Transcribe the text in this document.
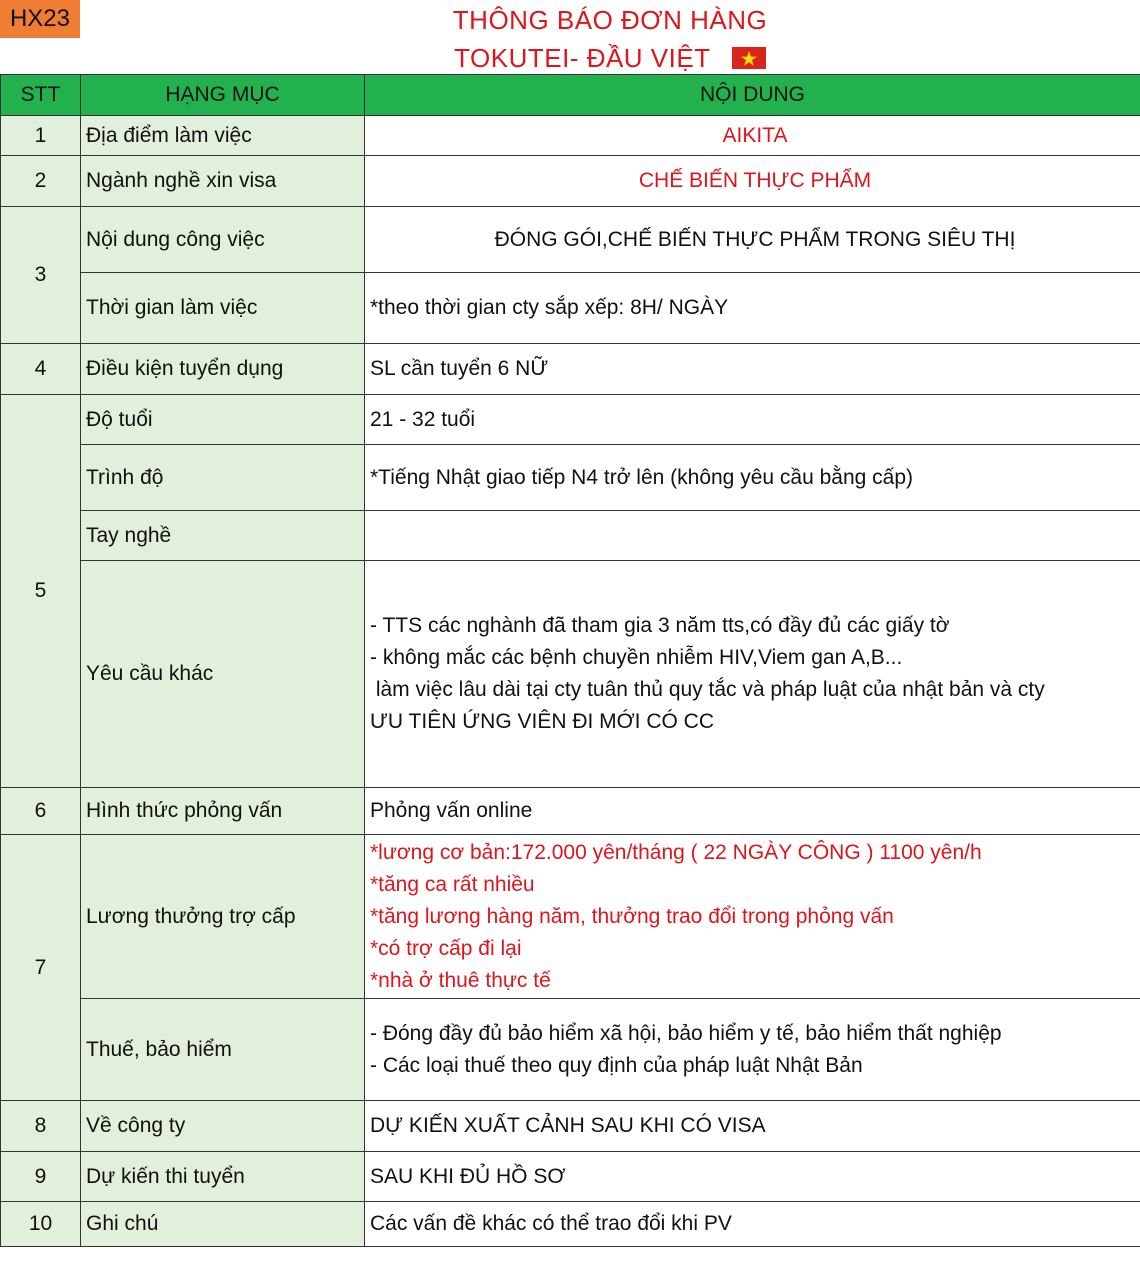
HX23	THÔNG BÁO ĐƠN HÀNG
TOKUTEI- ĐẦU VIỆT
STT	HẠNG MỤC	NỘI DUNG
1	Địa điểm làm việc	AIKITA
2	Ngành nghề xin visa	CHẾ BIẾN THỰC PHẨM
3	Nội dung công việc	ĐÓNG GÓI,CHẾ BIẾN THỰC PHẨM TRONG SIÊU THỊ
	Thời gian làm việc	*theo thời gian cty sắp xếp: 8H/ NGÀY
4	Điều kiện tuyển dụng	SL cần tuyển 6 NỮ
5	Độ tuổi	21 - 32 tuổi
	Trình độ	*Tiếng Nhật giao tiếp N4 trở lên (không yêu cầu bằng cấp)
	Tay nghề	
	Yêu cầu khác	- TTS các nghành đã tham gia 3 năm tts,có đầy đủ các giấy tờ
- không mắc các bệnh chuyền nhiễm HIV,Viem gan A,B...
làm việc lâu dài tại cty tuân thủ quy tắc và pháp luật của nhật bản và cty
ƯU TIÊN ỨNG VIÊN ĐI MỚI CÓ CC

6	Hình thức phỏng vấn	Phỏng vấn online
7	Lương thưởng trợ cấp	*lương cơ bản:172.000 yên/tháng ( 22 NGÀY CÔNG ) 1100 yên/h
*tăng ca rất nhiều
*tăng lương hàng năm, thưởng trao đổi trong phỏng vấn
*có trợ cấp đi lại
*nhà ở thuê thực tế

	Thuế, bảo hiểm	- Đóng đầy đủ bảo hiểm xã hội, bảo hiểm y tế, bảo hiểm thất nghiệp
- Các loại thuế theo quy định của pháp luật Nhật Bản

8	Về công ty	DỰ KIẾN XUẤT CẢNH SAU KHI CÓ VISA
9	Dự kiến thi tuyển	SAU KHI ĐỦ HỒ SƠ
10	Ghi chú	Các vấn đề khác có thể trao đổi khi PV
